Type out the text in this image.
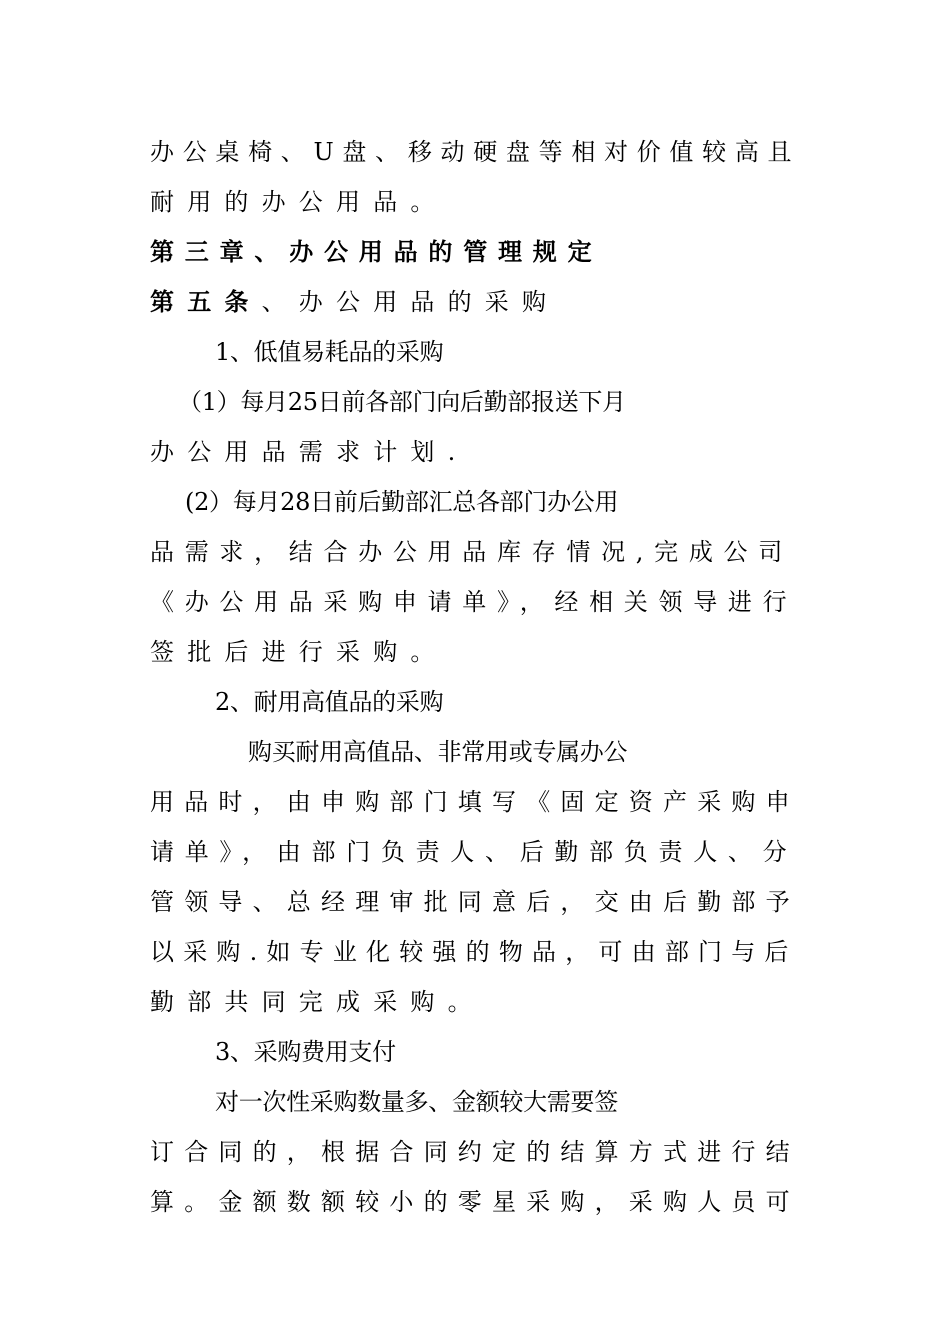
办公桌椅、U盘、移动硬盘等相对价值较高且
耐用的办公用品。
第三章、办公用品的管理规定
第五条、办公用品的采购
1、低值易耗品的采购
（1）每月25日前各部门向后勤部报送下月
办公用品需求计划.
(2）每月28日前后勤部汇总各部门办公用
品需求，结合办公用品库存情况,完成公司
《办公用品采购申请单》，经相关领导进行
签批后进行采购。
2、耐用高值品的采购
购买耐用高值品、非常用或专属办公
用品时，由申购部门填写《固定资产采购申
请单》，由部门负责人、后勤部负责人、分
管领导、总经理审批同意后，交由后勤部予
以采购.如专业化较强的物品，可由部门与后
勤部共同完成采购。
3、采购费用支付
对一次性采购数量多、金额较大需要签
订合同的，根据合同约定的结算方式进行结
算。金额数额较小的零星采购，采购人员可
